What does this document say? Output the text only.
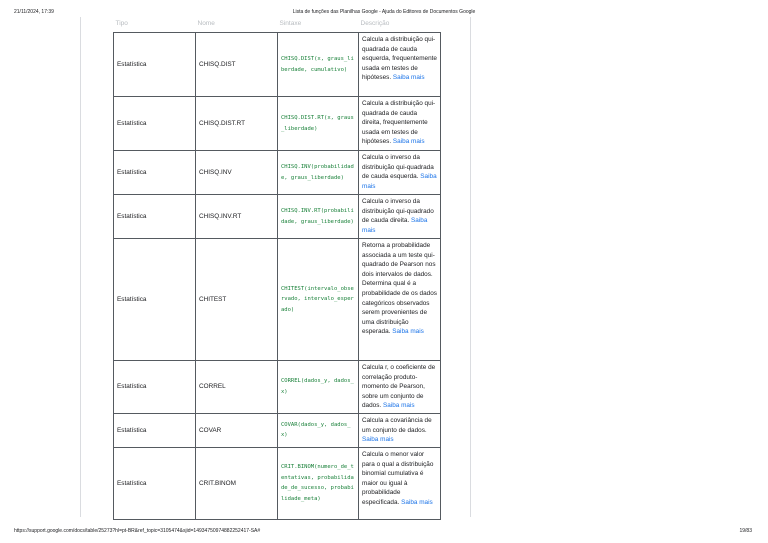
21/11/2024, 17:39	Lista de funções das Planilhas Google - Ajuda do Editores de Documentos Google
Tipo	Nome	Sintaxe	Descrição
Estatística	CHISQ.DIST	CHISQ.DIST(x, graus_liberdade, cumulativo)	Calcula a distribuição qui-quadrada de cauda esquerda, frequentemente usada em testes de hipóteses. Saiba mais
Estatística	CHISQ.DIST.RT	CHISQ.DIST.RT(x, graus_liberdade)	Calcula a distribuição qui-quadrada de cauda direita, frequentemente usada em testes de hipóteses. Saiba mais
Estatística	CHISQ.INV	CHISQ.INV(probabilidade, graus_liberdade)	Calcula o inverso da distribuição qui-quadrada de cauda esquerda. Saiba mais
Estatística	CHISQ.INV.RT	CHISQ.INV.RT(probabilidade, graus_liberdade)	Calcula o inverso da distribuição qui-quadrado de cauda direita. Saiba mais
Estatística	CHITEST	CHITEST(intervalo_observado, intervalo_esperado)	Retorna a probabilidade associada a um teste qui-quadrado de Pearson nos dois intervalos de dados. Determina qual é a probabilidade de os dados categóricos observados serem provenientes de uma distribuição esperada. Saiba mais
Estatística	CORREL	CORREL(dados_y, dados_x)	Calcula r, o coeficiente de correlação produto-momento de Pearson, sobre um conjunto de dados. Saiba mais
Estatística	COVAR	COVAR(dados_y, dados_x)	Calcula a covariância de um conjunto de dados. Saiba mais
Estatística	CRIT.BINOM	CRIT.BINOM(numero_de_tentativas, probabilidade_de_sucesso, probabilidade_meta)	Calcula o menor valor para o qual a distribuição binomial cumulativa é maior ou igual à probabilidade especificada. Saiba mais
https://support.google.com/docs/table/25273?hl=pt-BR&ref_topic=3105474&sjid=14934750974882252417-SA#	19/83
